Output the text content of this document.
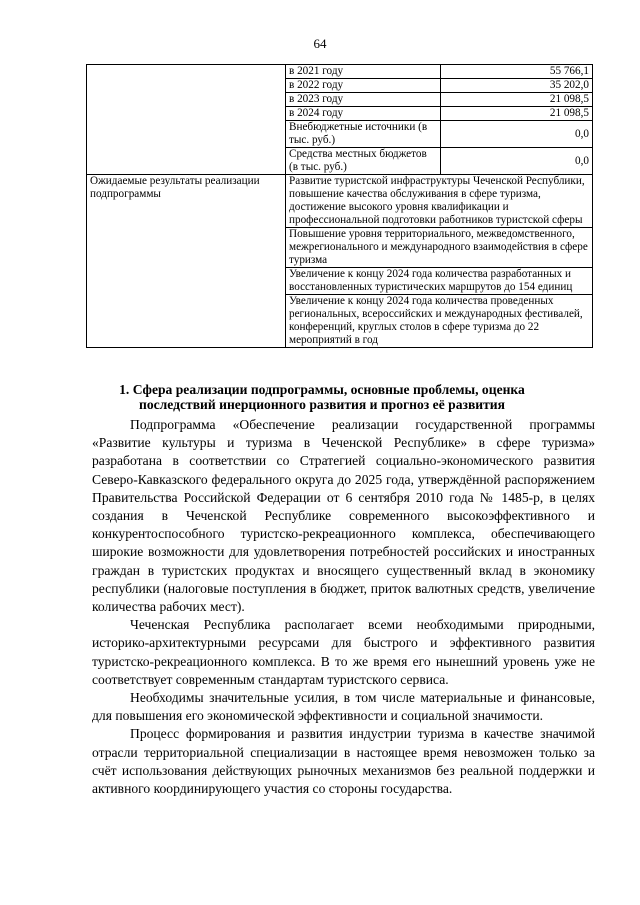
64
	в 2021 году	55 766,1
	в 2022 году	35 202,0
	в 2023 году	21 098,5
	в 2024 году	21 098,5
	Внебюджетные источники (в тыс. руб.)	0,0
	Средства местных бюджетов (в тыс. руб.)	0,0
Ожидаемые результаты реализации подпрограммы	Развитие туристской инфраструктуры Чеченской Республики, повышение качества обслуживания в сфере туризма, достижение высокого уровня квалификации и профессиональной подготовки работников туристской сферы	
	Повышение уровня территориального, межведомственного, межрегионального и международного взаимодействия в сфере туризма	
	Увеличение к концу 2024 года количества разработанных и восстановленных туристических маршрутов до 154 единиц	
	Увеличение к концу 2024 года количества проведенных региональных, всероссийских и международных фестивалей, конференций, круглых столов в сфере туризма до 22 мероприятий в год	
1. Сфера реализации подпрограммы, основные проблемы, оценка последствий инерционного развития и прогноз её развития

Подпрограмма «Обеспечение реализации государственной программы «Развитие культуры и туризма в Чеченской Республике» в сфере туризма» разработана в соответствии со Стратегией социально-экономического развития Северо-Кавказского федерального округа до 2025 года, утверждённой распоряжением Правительства Российской Федерации от 6 сентября 2010 года № 1485-р, в целях создания в Чеченской Республике современного высокоэффективного и конкурентоспособного туристско-рекреационного комплекса, обеспечивающего широкие возможности для удовлетворения потребностей российских и иностранных граждан в туристских продуктах и вносящего существенный вклад в экономику республики (налоговые поступления в бюджет, приток валютных средств, увеличение количества рабочих мест).

Чеченская Республика располагает всеми необходимыми природными, историко-архитектурными ресурсами для быстрого и эффективного развития туристско-рекреационного комплекса. В то же время его нынешний уровень уже не соответствует современным стандартам туристского сервиса.

Необходимы значительные усилия, в том числе материальные и финансовые, для повышения его экономической эффективности и социальной значимости.

Процесс формирования и развития индустрии туризма в качестве значимой отрасли территориальной специализации в настоящее время невозможен только за счёт использования действующих рыночных механизмов без реальной поддержки и активного координирующего участия со стороны государства.
